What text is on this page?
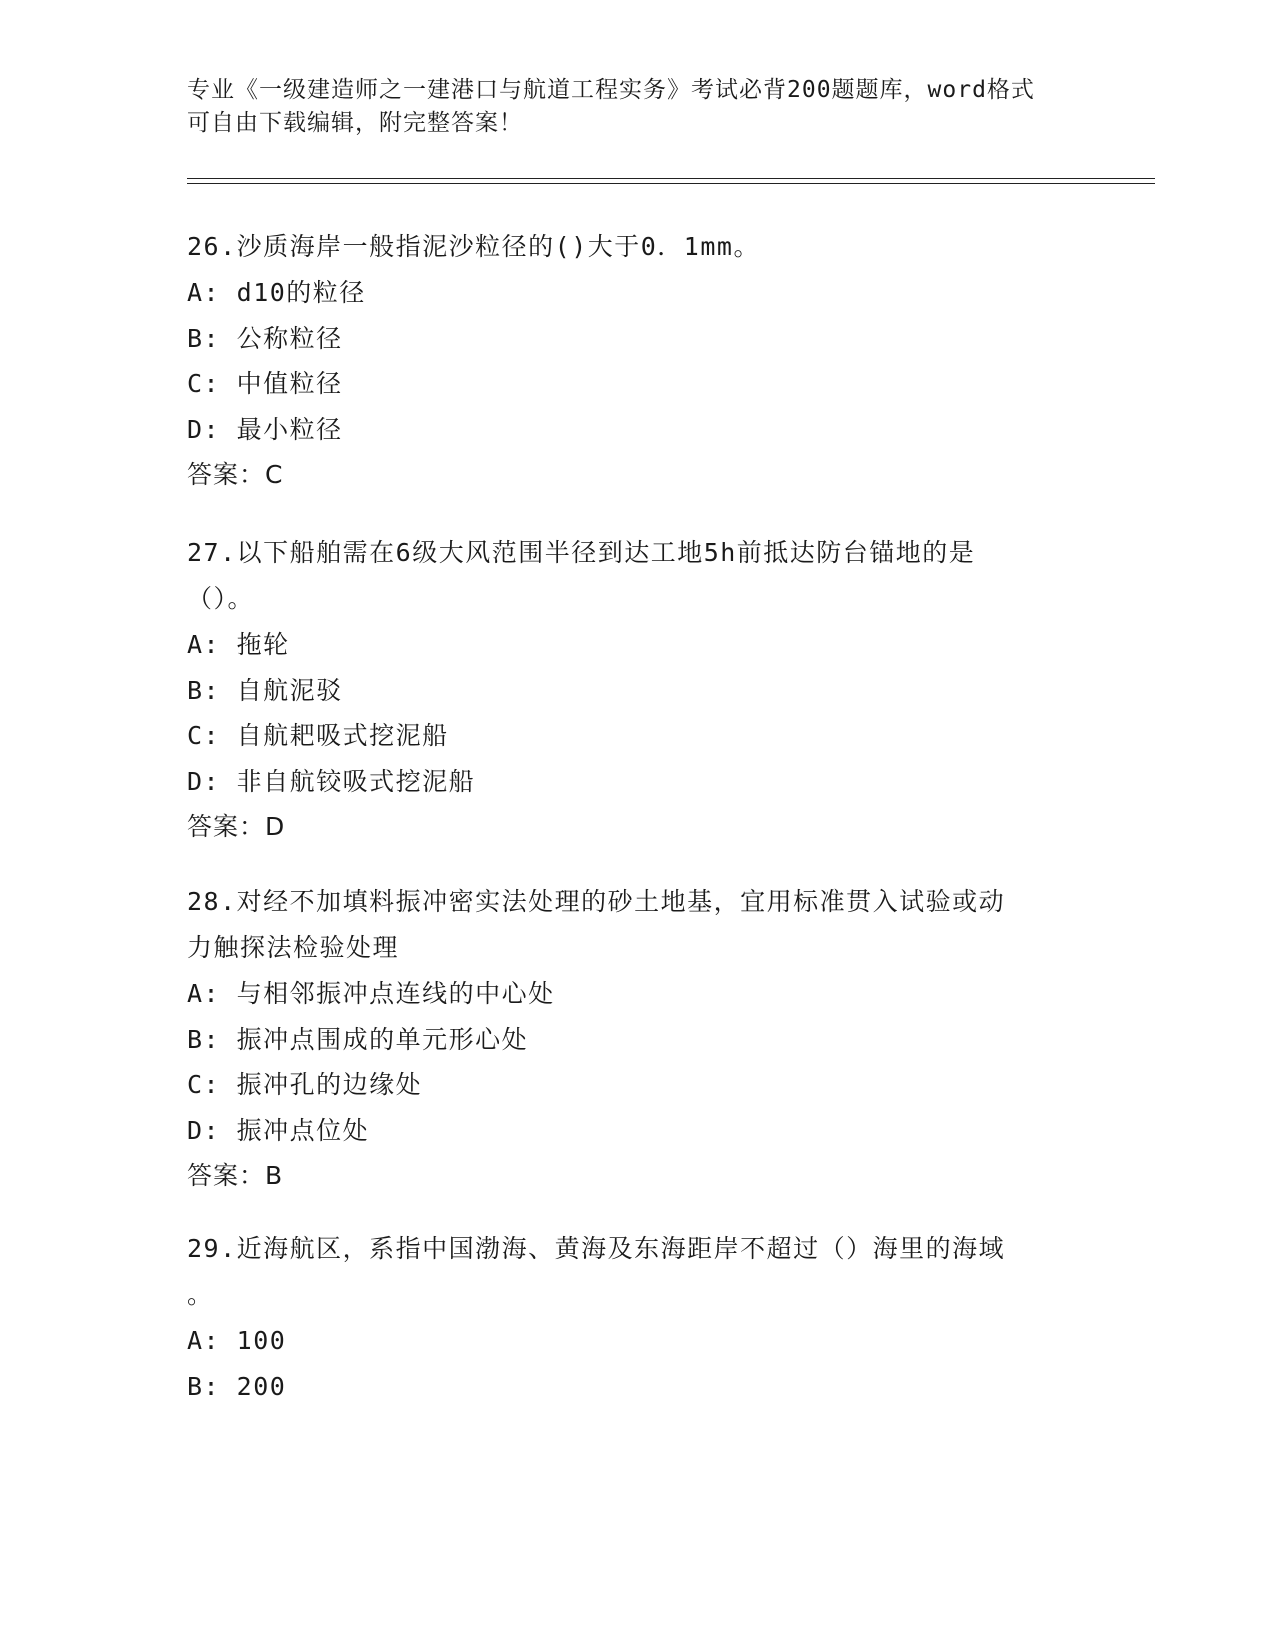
专业《一级建造师之一建港口与航道工程实务》考试必背200题题库，word格式
可自由下载编辑，附完整答案！

26.沙质海岸一般指泥沙粒径的()大于0．1mm。

A: d10的粒径

B: 公称粒径

C: 中值粒径

D: 最小粒径

答案：C

27.以下船舶需在6级大风范围半径到达工地5h前抵达防台锚地的是

（）。

A: 拖轮

B: 自航泥驳

C: 自航耙吸式挖泥船

D: 非自航铰吸式挖泥船

答案：D

28.对经不加填料振冲密实法处理的砂土地基，宜用标准贯入试验或动

力触探法检验处理

A: 与相邻振冲点连线的中心处

B: 振冲点围成的单元形心处

C: 振冲孔的边缘处

D: 振冲点位处

答案：B

29.近海航区，系指中国渤海、黄海及东海距岸不超过（）海里的海域

。

A: 100

B: 200
